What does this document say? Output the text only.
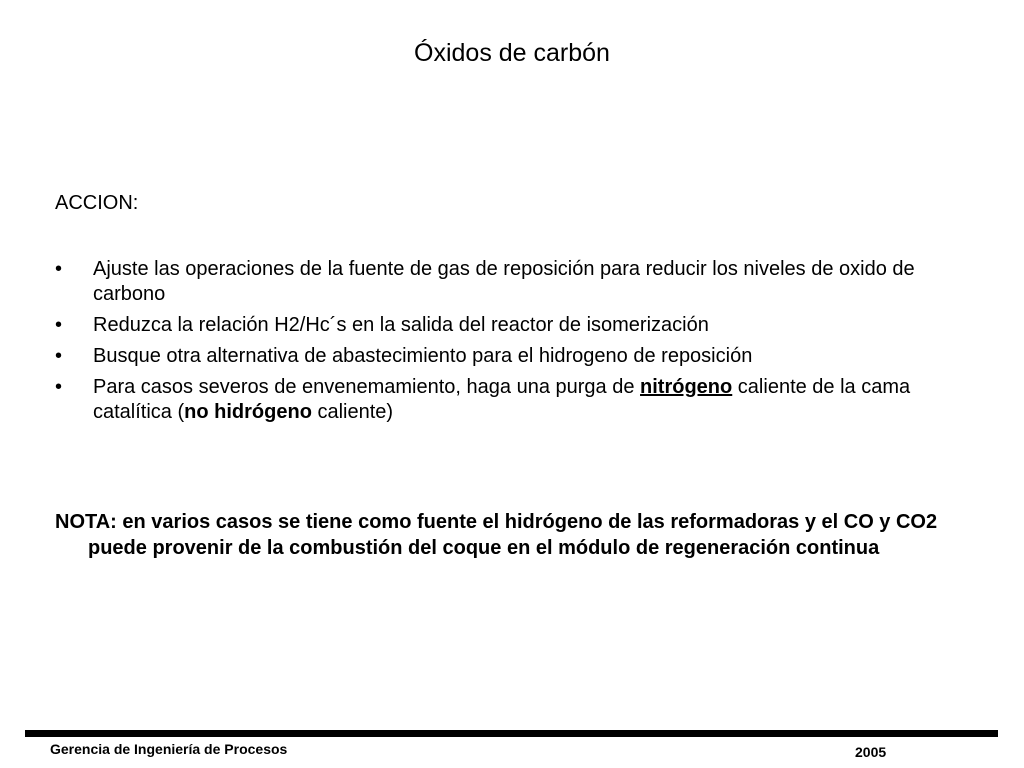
Óxidos de carbón
ACCION:
• Ajuste las operaciones de la fuente de gas de reposición para reducir los niveles de oxido de carbono
• Reduzca la relación H2/Hc´s en la salida del reactor de isomerización
• Busque otra alternativa de abastecimiento para el hidrogeno de reposición
• Para casos severos de envenemamiento, haga una purga de nitrógeno caliente de la cama catalítica (no hidrógeno caliente)
NOTA: en varios casos se tiene como fuente el hidrógeno de las reformadoras y el CO y CO2 puede provenir de la combustión del coque en el módulo de regeneración continua
Gerencia de Ingeniería de Procesos	2005
